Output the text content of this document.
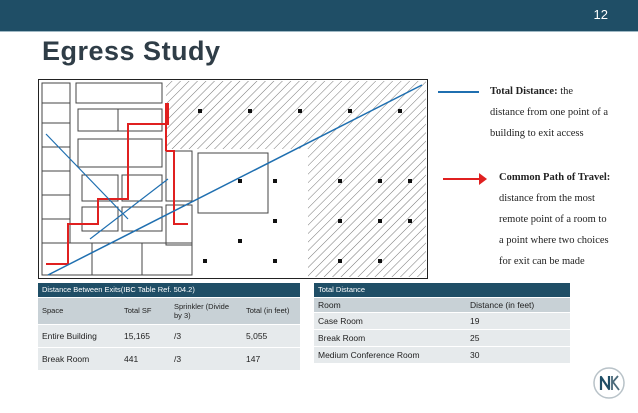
12
Egress Study
Total Distance: the
distance from one point of a
building to exit access
Common Path of Travel:
distance from the most
remote point of a room to
a point where two choices
for exit can be made
Distance Between Exits(IBC Table Ref. 504.2)			
Space	Total SF	Sprinkler (Divide by 3)	Total (in feet)
Entire Building	15,165	/3	5,055
Break Room	441	/3	147
Total Distance	
Room	Distance (in feet)
Case Room	19
Break Room	25
Medium Conference Room	30
